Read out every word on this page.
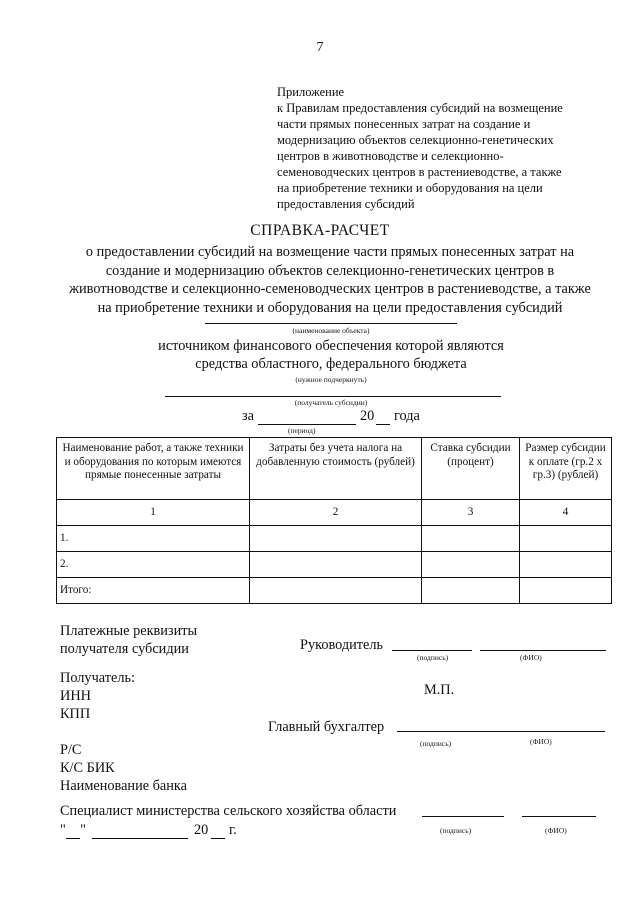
7
Приложение
к Правилам предоставления субсидий на возмещение
части прямых понесенных затрат на создание и
модернизацию объектов селекционно-генетических
центров в животноводстве и селекционно-
семеноводческих центров в растениеводстве, а также
на приобретение техники и оборудования на цели
предоставления субсидий
СПРАВКА-РАСЧЕТ
о предоставлении субсидий на возмещение части прямых понесенных затрат на
создание и модернизацию объектов селекционно-генетических центров в
животноводстве и селекционно-семеноводческих центров в растениеводстве, а также
на приобретение техники и оборудования на цели предоставления субсидий
(наименование объекта)
источником финансового обеспечения которой являются
средства областного, федерального бюджета
(нужное подчеркнуть)
(получатель субсидии)
за	20 года
(период)
Наименование работ, а также техники и оборудования по которым имеются прямые понесенные затраты	Затраты без учета налога на добавленную стоимость (рублей)	Ставка субсидии (процент)	Размер субсидии к оплате (гр.2 x гр.3) (рублей)
1	2	3	4
1.			
2.			
Итого:			
Платежные реквизиты
получателя субсидии	Руководитель
(подпись)	(ФИО)
Получатель:
ИНН
КПП
М.П.
Главный бухгалтер
(подпись)	(ФИО)
Р/С
К/С БИК
Наименование банка
Специалист министерства сельского хозяйства области
(подпись)	(ФИО)
"    "	20 г.
